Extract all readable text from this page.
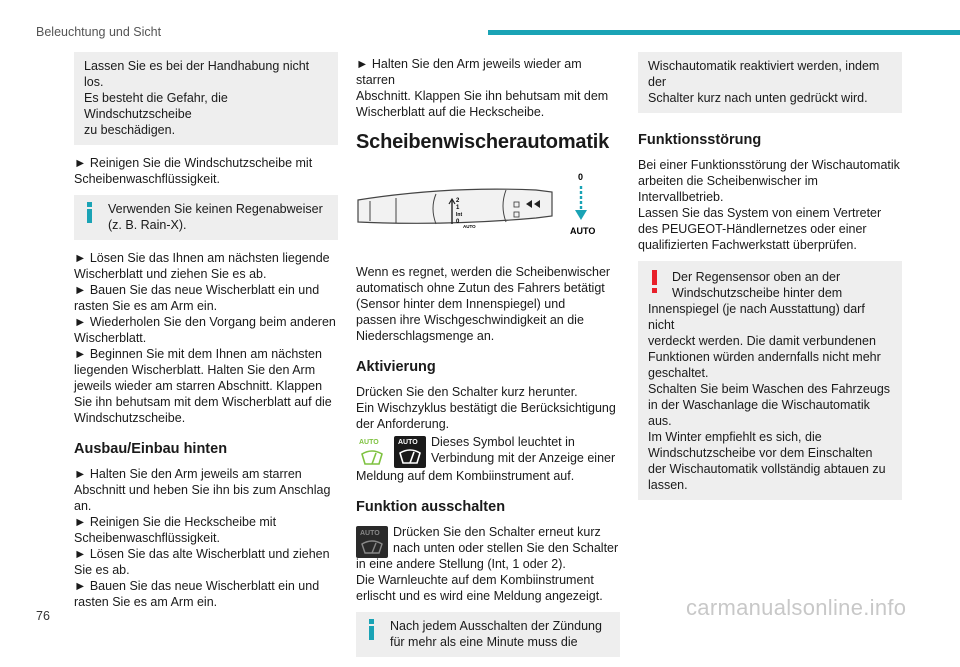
Beleuchtung und Sicht
Lassen Sie es bei der Handhabung nicht los.
Es besteht die Gefahr, die Windschutzscheibe
zu beschädigen.

► Reinigen Sie die Windschutzscheibe mit
Scheibenwaschflüssigkeit.

Verwenden Sie keinen Regenabweiser
(z. B. Rain-X).

► Lösen Sie das Ihnen am nächsten liegende
Wischerblatt und ziehen Sie es ab.
► Bauen Sie das neue Wischerblatt ein und
rasten Sie es am Arm ein.
► Wiederholen Sie den Vorgang beim anderen
Wischerblatt.
► Beginnen Sie mit dem Ihnen am nächsten
liegenden Wischerblatt. Halten Sie den Arm
jeweils wieder am starren Abschnitt. Klappen
Sie ihn behutsam mit dem Wischerblatt auf die
Windschutzscheibe.

Ausbau/Einbau hinten

► Halten Sie den Arm jeweils am starren
Abschnitt und heben Sie ihn bis zum Anschlag
an.
► Reinigen Sie die Heckscheibe mit
Scheibenwaschflüssigkeit.
► Lösen Sie das alte Wischerblatt und ziehen
Sie es ab.
► Bauen Sie das neue Wischerblatt ein und
rasten Sie es am Arm ein.

► Halten Sie den Arm jeweils wieder am starren
Abschnitt. Klappen Sie ihn behutsam mit dem
Wischerblatt auf die Heckscheibe.

Scheibenwischerautomatik
2
1
Int
0
AUTO
0
AUTO

Wenn es regnet, werden die Scheibenwischer
automatisch ohne Zutun des Fahrers betätigt
(Sensor hinter dem Innenspiegel) und
passen ihre Wischgeschwindigkeit an die
Niederschlagsmenge an.

Aktivierung

Drücken Sie den Schalter kurz herunter.
Ein Wischzyklus bestätigt die Berücksichtigung
der Anforderung.

AUTO	AUTO Dieses Symbol leuchtet in
Verbindung mit der Anzeige einer

Meldung auf dem Kombiinstrument auf.

Funktion ausschalten
AUTO Drücken Sie den Schalter erneut kurz
nach unten oder stellen Sie den Schalter

in eine andere Stellung (Int, 1 oder 2).
Die Warnleuchte auf dem Kombiinstrument
erlischt und es wird eine Meldung angezeigt.

Nach jedem Ausschalten der Zündung
für mehr als eine Minute muss die
Wischautomatik reaktiviert werden, indem der
Schalter kurz nach unten gedrückt wird.
Funktionsstörung

Bei einer Funktionsstörung der Wischautomatik
arbeiten die Scheibenwischer im Intervallbetrieb.
Lassen Sie das System von einem Vertreter
des PEUGEOT-Händlernetzes oder einer
qualifizierten Fachwerkstatt überprüfen.

Der Regensensor oben an der
Windschutzscheibe hinter dem
Innenspiegel (je nach Ausstattung) darf nicht
verdeckt werden. Die damit verbundenen
Funktionen würden andernfalls nicht mehr
geschaltet.
Schalten Sie beim Waschen des Fahrzeugs
in der Waschanlage die Wischautomatik aus.
Im Winter empfiehlt es sich, die
Windschutzscheibe vor dem Einschalten
der Wischautomatik vollständig abtauen zu
lassen.
76	carmanualsonline.info
